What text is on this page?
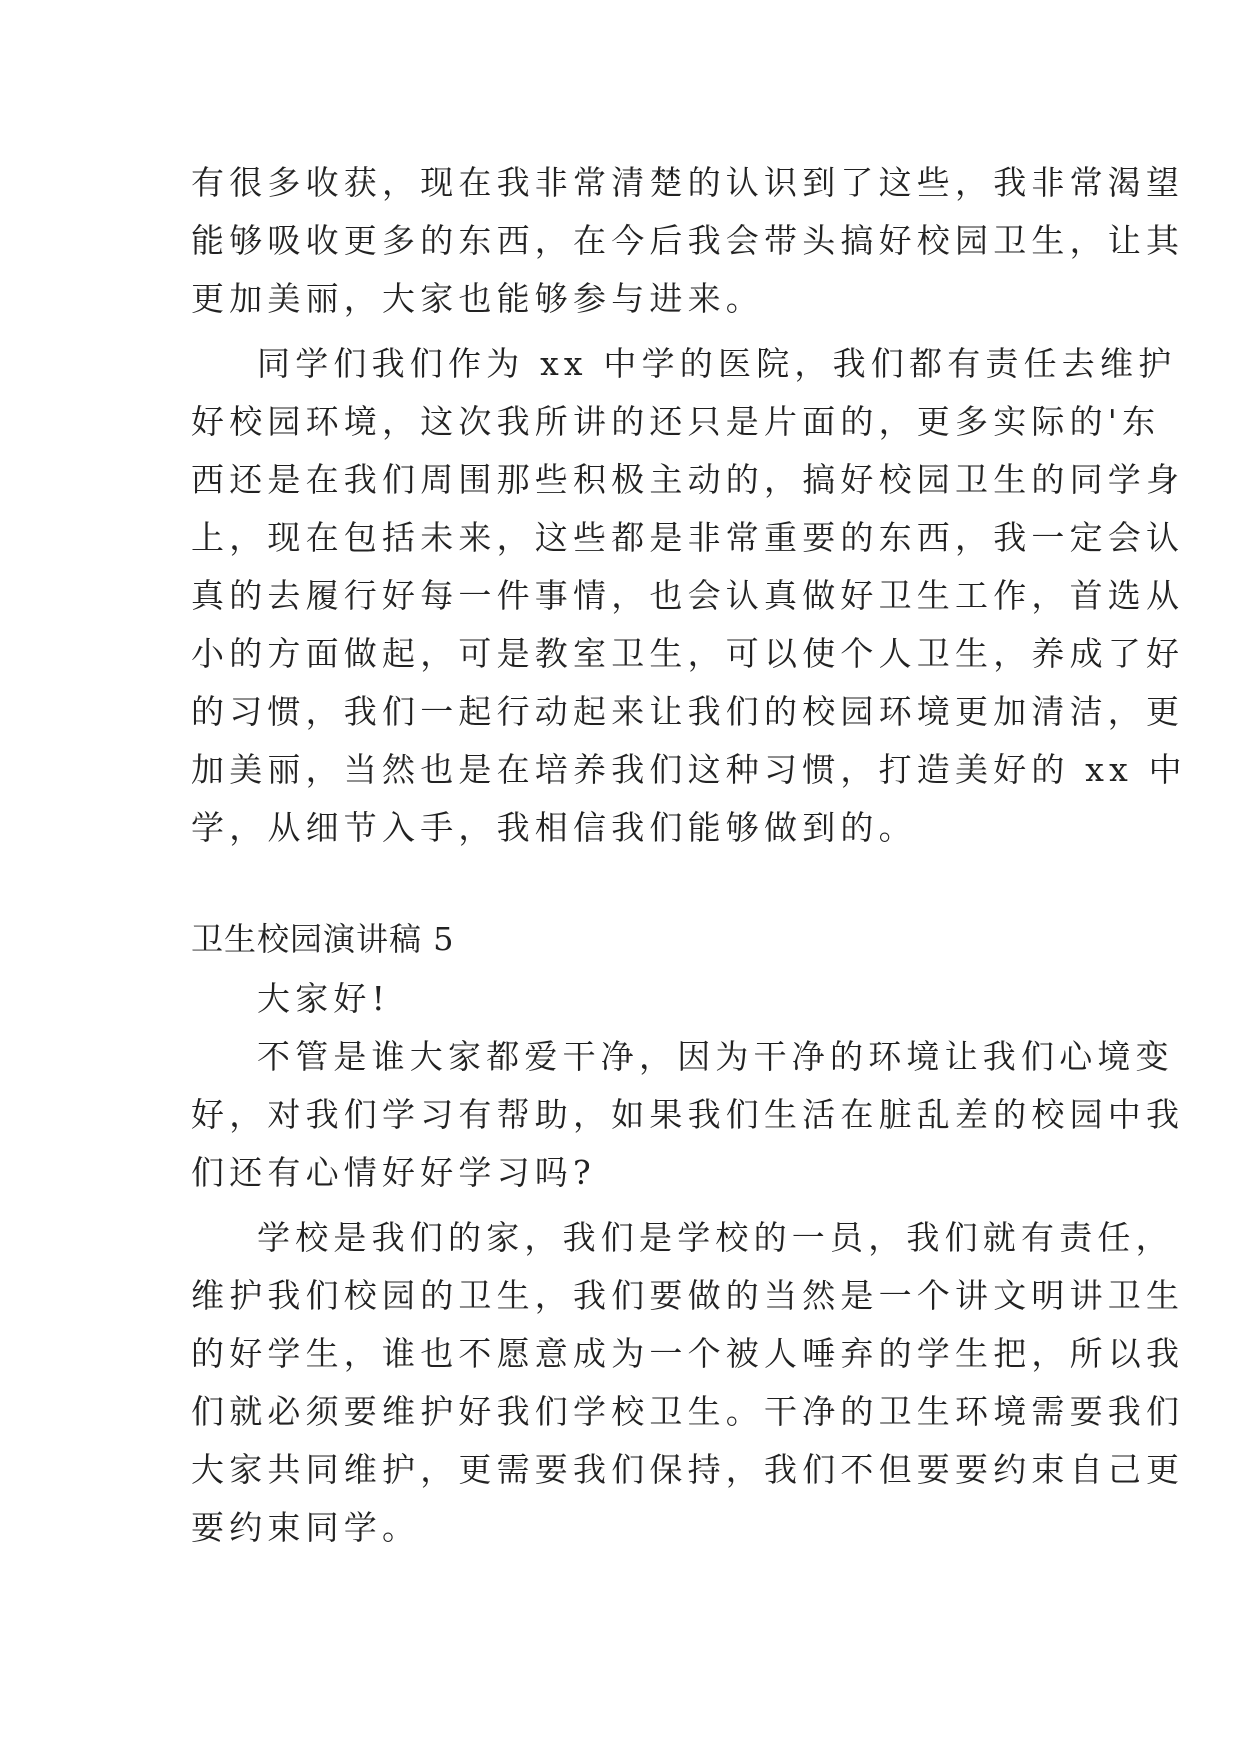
有很多收获，现在我非常清楚的认识到了这些，我非常渴望
能够吸收更多的东西，在今后我会带头搞好校园卫生，让其
更加美丽，大家也能够参与进来。
同学们我们作为 xx 中学的医院，我们都有责任去维护
好校园环境，这次我所讲的还只是片面的，更多实际的'东
西还是在我们周围那些积极主动的，搞好校园卫生的同学身
上，现在包括未来，这些都是非常重要的东西，我一定会认
真的去履行好每一件事情，也会认真做好卫生工作，首选从
小的方面做起，可是教室卫生，可以使个人卫生，养成了好
的习惯，我们一起行动起来让我们的校园环境更加清洁，更
加美丽，当然也是在培养我们这种习惯，打造美好的 xx 中
学，从细节入手，我相信我们能够做到的。
卫生校园演讲稿 5
大家好!
不管是谁大家都爱干净，因为干净的环境让我们心境变
好，对我们学习有帮助，如果我们生活在脏乱差的校园中我
们还有心情好好学习吗?
学校是我们的家，我们是学校的一员，我们就有责任，
维护我们校园的卫生，我们要做的当然是一个讲文明讲卫生
的好学生，谁也不愿意成为一个被人唾弃的学生把，所以我
们就必须要维护好我们学校卫生。干净的卫生环境需要我们
大家共同维护，更需要我们保持，我们不但要要约束自己更
要约束同学。
